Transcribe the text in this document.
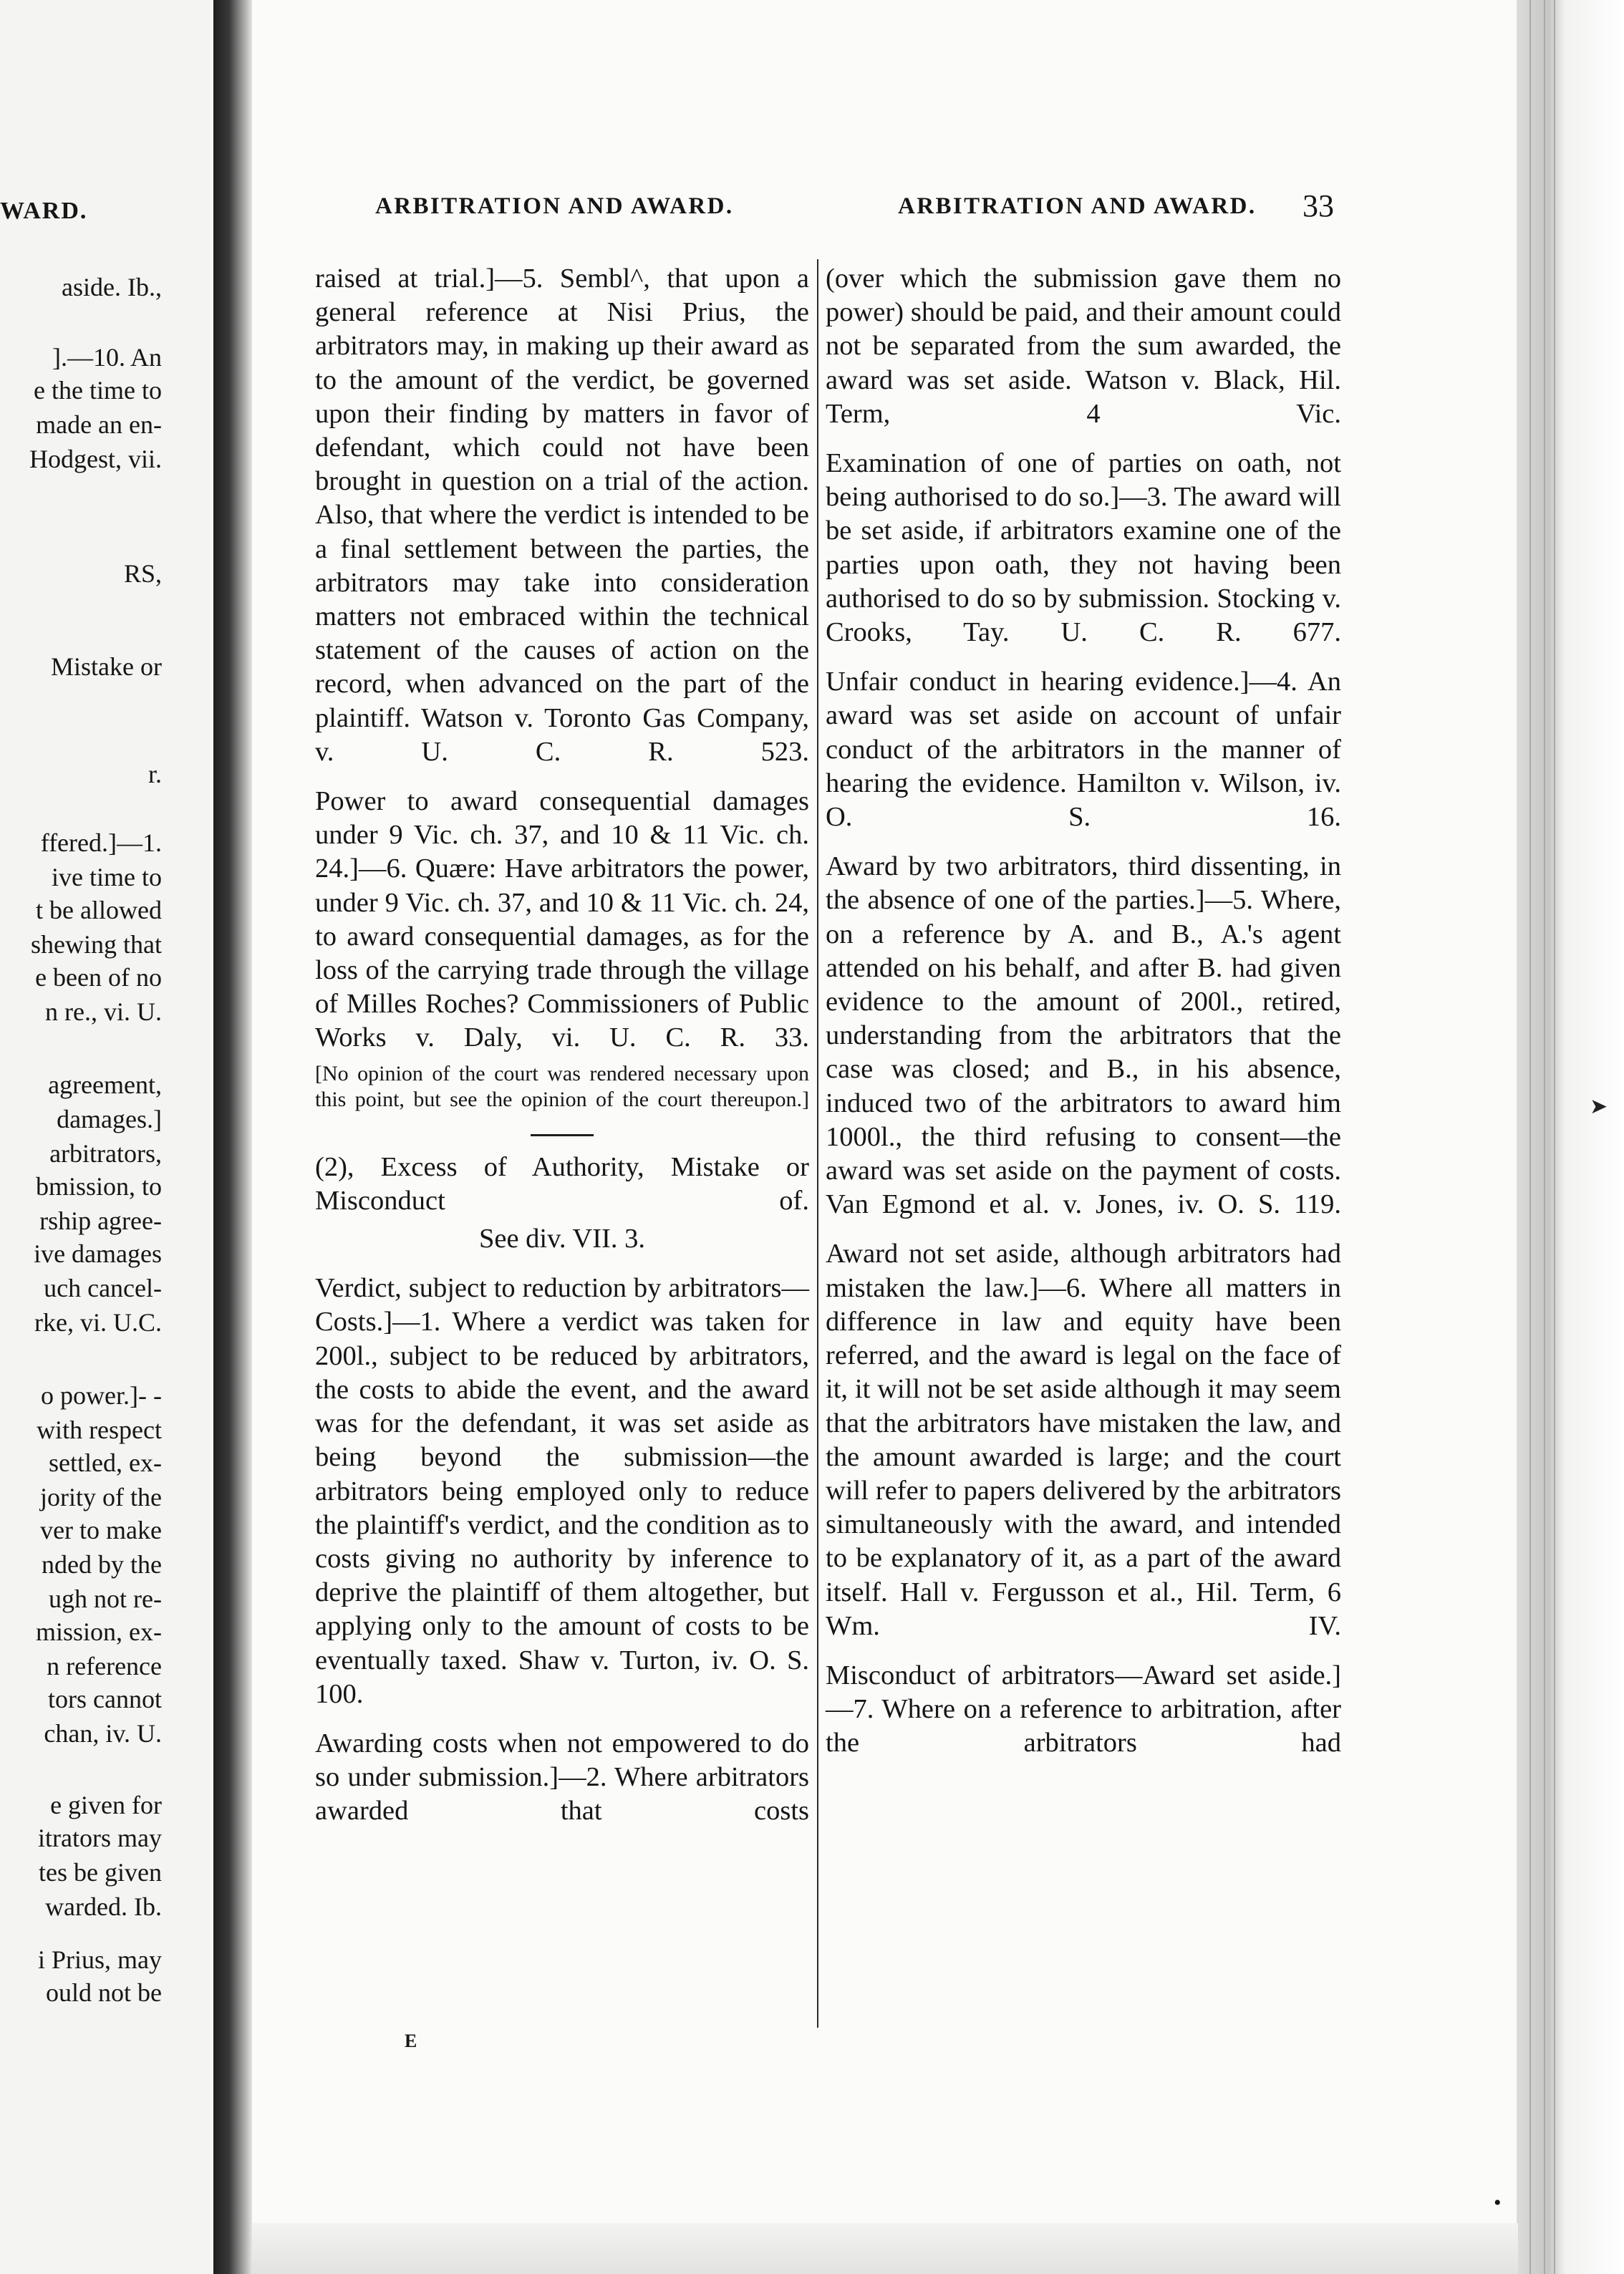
WARD.
aside. Ib.,
].—10. An
e the time to
made an en-
Hodgest, vii.
RS,
Mistake or
r.
ffered.]—1.
ive time to
t be allowed
shewing that
e been of no
n re., vi. U.
agreement,
damages.]
arbitrators,
bmission, to
rship agree-
ive damages
uch cancel-
rke, vi. U.C.
o power.]- -
with respect
settled, ex-
jority of the
ver to make
nded by the
ugh not re-
mission, ex-
n reference
tors cannot
chan, iv. U.
e given for
itrators may
tes be given
warded. Ib.
i Prius, may
ould not be
ARBITRATION AND AWARD.	ARBITRATION AND AWARD. 33

raised at trial.]—5. Sembl^, that upon a general reference at Nisi Prius, the arbitrators may, in making up their award as to the amount of the verdict, be governed upon their finding by matters in favor of defendant, which could not have been brought in question on a trial of the action. Also, that where the verdict is intended to be a final settlement between the parties, the arbitrators may take into consideration matters not embraced within the technical statement of the causes of action on the record, when advanced on the part of the plaintiff. Watson v. Toronto Gas Company, v. U. C. R. 523.

Power to award consequential damages under 9 Vic. ch. 37, and 10 & 11 Vic. ch. 24.]—6. Quære: Have arbitrators the power, under 9 Vic. ch. 37, and 10 & 11 Vic. ch. 24, to award consequential damages, as for the loss of the carrying trade through the village of Milles Roches? Commissioners of Public Works v. Daly, vi. U. C. R. 33.

[No opinion of the court was rendered necessary upon this point, but see the opinion of the court thereupon.]

(2), Excess of Authority, Mistake or Misconduct of.

See div. VII. 3.

Verdict, subject to reduction by arbitrators—Costs.]—1. Where a verdict was taken for 200l., subject to be reduced by arbitrators, the costs to abide the event, and the award was for the defendant, it was set aside as being beyond the submission—the arbitrators being employed only to reduce the plaintiff's verdict, and the condition as to costs giving no authority by inference to deprive the plaintiff of them altogether, but applying only to the amount of costs to be eventually taxed. Shaw v. Turton, iv. O. S. 100.

Awarding costs when not empowered to do so under submission.]—2. Where arbitrators awarded that costs

(over which the submission gave them no power) should be paid, and their amount could not be separated from the sum awarded, the award was set aside. Watson v. Black, Hil. Term, 4 Vic.

Examination of one of parties on oath, not being authorised to do so.]—3. The award will be set aside, if arbitrators examine one of the parties upon oath, they not having been authorised to do so by submission. Stocking v. Crooks, Tay. U. C. R. 677.

Unfair conduct in hearing evidence.]—4. An award was set aside on account of unfair conduct of the arbitrators in the manner of hearing the evidence. Hamilton v. Wilson, iv. O. S. 16.

Award by two arbitrators, third dissenting, in the absence of one of the parties.]—5. Where, on a reference by A. and B., A.'s agent attended on his behalf, and after B. had given evidence to the amount of 200l., retired, understanding from the arbitrators that the case was closed; and B., in his absence, induced two of the arbitrators to award him 1000l., the third refusing to consent—the award was set aside on the payment of costs. Van Egmond et al. v. Jones, iv. O. S. 119.

Award not set aside, although arbitrators had mistaken the law.]—6. Where all matters in difference in law and equity have been referred, and the award is legal on the face of it, it will not be set aside although it may seem that the arbitrators have mistaken the law, and the amount awarded is large; and the court will refer to papers delivered by the arbitrators simultaneously with the award, and intended to be explanatory of it, as a part of the award itself. Hall v. Fergusson et al., Hil. Term, 6 Wm. IV.

Misconduct of arbitrators—Award set aside.]—7. Where on a reference to arbitration, after the arbitrators had

E
➤
•
